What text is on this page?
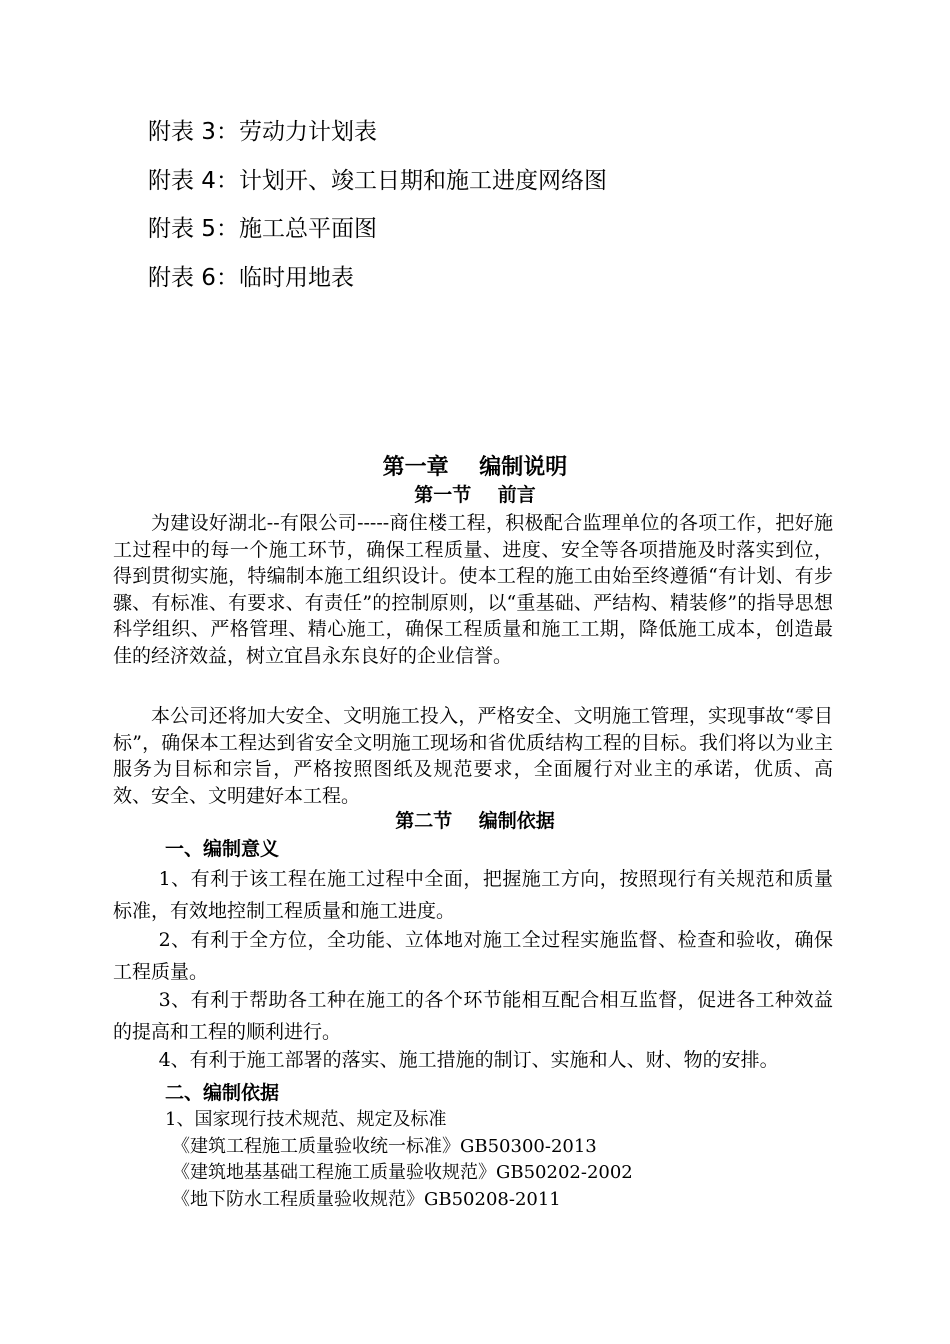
附表 3：劳动力计划表
附表 4：计划开、竣工日期和施工进度网络图
附表 5：施工总平面图
附表 6：临时用地表
第一章    编制说明
第一节    前言

为建设好湖北--有限公司-----商住楼工程，积极配合监理单位的各项工作，把好施工过程中的每一个施工环节，确保工程质量、进度、安全等各项措施及时落实到位，得到贯彻实施，特编制本施工组织设计。使本工程的施工由始至终遵循“有计划、有步骤、有标准、有要求、有责任”的控制原则，以“重基础、严结构、精装修”的指导思想科学组织、严格管理、精心施工，确保工程质量和施工工期，降低施工成本，创造最佳的经济效益，树立宜昌永东良好的企业信誉。

本公司还将加大安全、文明施工投入，严格安全、文明施工管理，实现事故“零目标”，确保本工程达到省安全文明施工现场和省优质结构工程的目标。我们将以为业主服务为目标和宗旨，严格按照图纸及规范要求，全面履行对业主的承诺，优质、高效、安全、文明建好本工程。

第二节    编制依据
一、编制意义

1、有利于该工程在施工过程中全面，把握施工方向，按照现行有关规范和质量标准，有效地控制工程质量和施工进度。

2、有利于全方位，全功能、立体地对施工全过程实施监督、检查和验收，确保工程质量。

3、有利于帮助各工种在施工的各个环节能相互配合相互监督，促进各工种效益的提高和工程的顺利进行。

4、有利于施工部署的落实、施工措施的制订、实施和人、财、物的安排。

二、编制依据
1、国家现行技术规范、规定及标准
《建筑工程施工质量验收统一标准》GB50300-2013
《建筑地基基础工程施工质量验收规范》GB50202-2002
《地下防水工程质量验收规范》GB50208-2011
